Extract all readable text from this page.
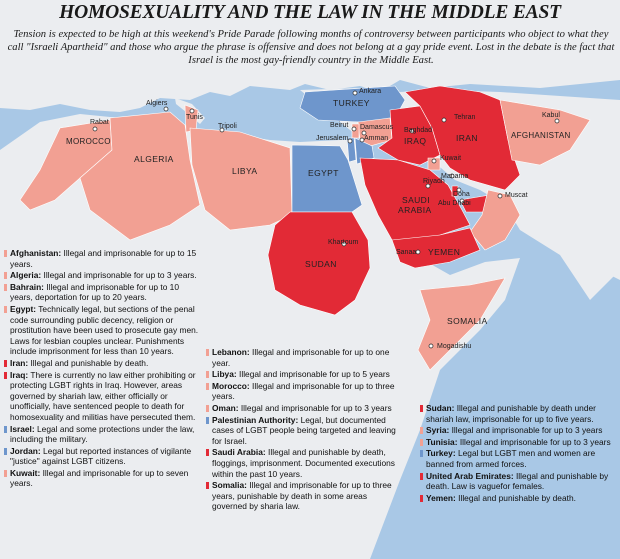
MOROCCO
ALGERIA
LIBYA	EGYPT
SUDAN
TURKEY
IRAQ	IRAN	AFGHANISTAN
SAUDI
ARABIA
YEMEN
SOMALIA
Rabat
Algiers
Tunis
Tripoli
Ankara
Beirut Damascus
Jerusalem Amman
Baghdad
Tehran	Kabul
Kuwait
Manama
Riyadh
Doha
Abu Dhabi
Muscat
Khartoum
Sanaa
Mogadishu
HOMOSEXUALITY AND THE LAW IN THE MIDDLE EAST
Tension is expected to be high at this weekend's Pride Parade following months of controversy between participants who object to what they call "Israeli Apartheid" and those who argue the phrase is offensive and does not belong at a gay pride event. Lost in the debate is the fact that Israel is the most gay-friendly country in the Middle East.
Afghanistan: Illegal and imprisonable for up to 15 years.
Algeria: Illegal and imprisonable for up to 3 years.
Bahrain: Illegal and imprisonable for up to 10 years, deportation for up to 20 years.
Egypt: Technically legal, but sections of the penal code surrounding public decency, religion or prostitution have been used to prosecute gay men. Laws for lesbian couples unclear. Punishments include imprisonment for less than 10 years.
Iran: Illegal and punishable by death.
Iraq: There is currently no law either prohibiting or protecting LGBT rights in Iraq. However, areas governed by shariah law, either officially or unofficially, have sentenced people to death for homosexuality and militias have persecuted them.
Israel: Legal and some protections under the law, including the military.
Jordan: Legal but reported instances of vigilante "justice" against LGBT citizens.
Kuwait: Illegal and imprisonable for up to seven years.
Lebanon: Illegal and imprisonable for up to one year.
Libya: Illegal and imprisonable for up to 5 years
Morocco: Illegal and imprisonable for up to three years.
Oman: Illegal and imprisonable for up to 3 years
Palestinian Authority: Legal, but documented cases of LGBT people being targeted and leaving for Israel.
Saudi Arabia: Illegal and punishable by death, floggings, imprisonment. Documented executions within the past 10 years.
Somalia: Illegal and imprisonable for up to three years, punishable by death in some areas governed by sharia law.
Sudan: Illegal and punishable by death under shariah law, imprisonable for up to five years.
Syria: Illegal and imprisonable for up to 3 years
Tunisia: Illegal and imprisonable for up to 3 years
Turkey: Legal but LGBT men and women are banned from armed forces.
United Arab Emirates: Illegal and punishable by death. Law is vaguefor females.
Yemen: Illegal and punishable by death.
